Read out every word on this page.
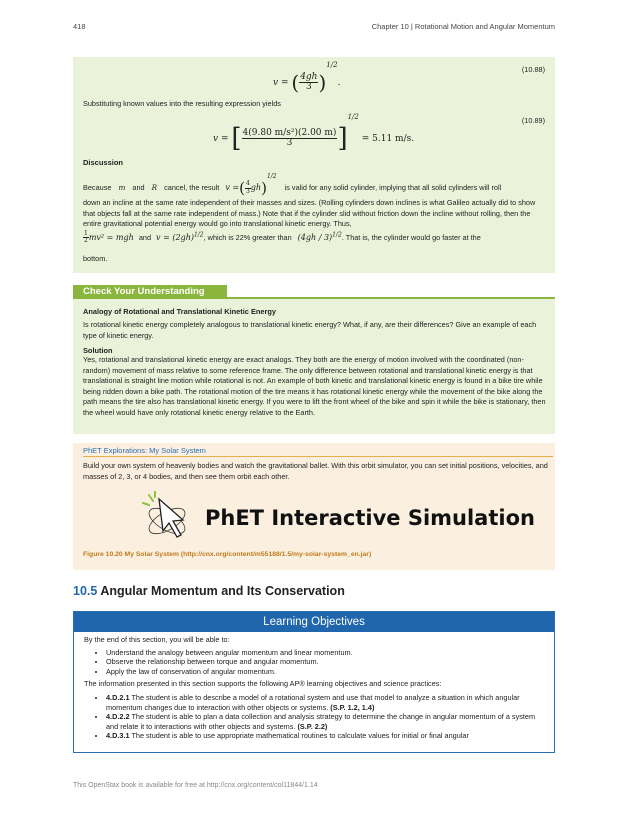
418	Chapter 10 | Rotational Motion and Angular Momentum
v = ( $\frac{4gh}{3} )^{1/2}$.
(10.88)

Substituting known values into the resulting expression yields

v = [ $\frac{\text{4(9.80 m/s²)(2.00 m)}}{3} ]^{1/2} = 5.11$ m/s.
(10.89)
Discussion
Because m and R cancel, the result v =( $\frac{4}{3} gh)^{1/2}$ is valid for any solid cylinder, implying that all solid cylinders will roll

down an incline at the same rate independent of their masses and sizes. (Rolling cylinders down inclines is what Galileo actually did to show that objects fall at the same rate independent of mass.) Note that if the cylinder slid without friction down the incline without rolling, then the entire gravitational potential energy would go into translational kinetic energy. Thus,

$\frac{1}{2} mv^2$ = mgh and $v = (2gh)^{1/2}$, which is 22% greater than (4gh / 3)$^{1/2}$. That is, the cylinder would go faster at the

bottom.

Check Your Understanding
Analogy of Rotational and Translational Kinetic Energy

Is rotational kinetic energy completely analogous to translational kinetic energy? What, if any, are their differences? Give an example of each type of kinetic energy.

Solution

Yes, rotational and translational kinetic energy are exact analogs. They both are the energy of motion involved with the coordinated (non-random) movement of mass relative to some reference frame. The only difference between rotational and translational kinetic energy is that translational is straight line motion while rotational is not. An example of both kinetic and translational kinetic energy is found in a bike tire while being ridden down a bike path. The rotational motion of the tire means it has rotational kinetic energy while the movement of the bike along the path means the tire also has translational kinetic energy. If you were to lift the front wheel of the bike and spin it while the bike is stationary, then the wheel would have only rotational kinetic energy relative to the Earth.

PhET Explorations: My Solar System

Build your own system of heavenly bodies and watch the gravitational ballet. With this orbit simulator, you can set initial positions, velocities, and masses of 2, 3, or 4 bodies, and then see them orbit each other.

PhET Interactive Simulation
Figure 10.20 My Solar System (http://cnx.org/content/m55188/1.5/my-solar-system_en.jar)
10.5 Angular Momentum and Its Conservation
Learning Objectives

By the end of this section, you will be able to:

• Understand the analogy between angular momentum and linear momentum.
• Observe the relationship between torque and angular momentum.
• Apply the law of conservation of angular momentum.

The information presented in this section supports the following AP® learning objectives and science practices:

• 4.D.2.1 The student is able to describe a model of a rotational system and use that model to analyze a situation in which angular momentum changes due to interaction with other objects or systems. (S.P. 1.2, 1.4)
• 4.D.2.2 The student is able to plan a data collection and analysis strategy to determine the change in angular momentum of a system and relate it to interactions with other objects and systems. (S.P. 2.2)
• 4.D.3.1 The student is able to use appropriate mathematical routines to calculate values for initial or final angular
This OpenStax book is available for free at http://cnx.org/content/col11844/1.14
